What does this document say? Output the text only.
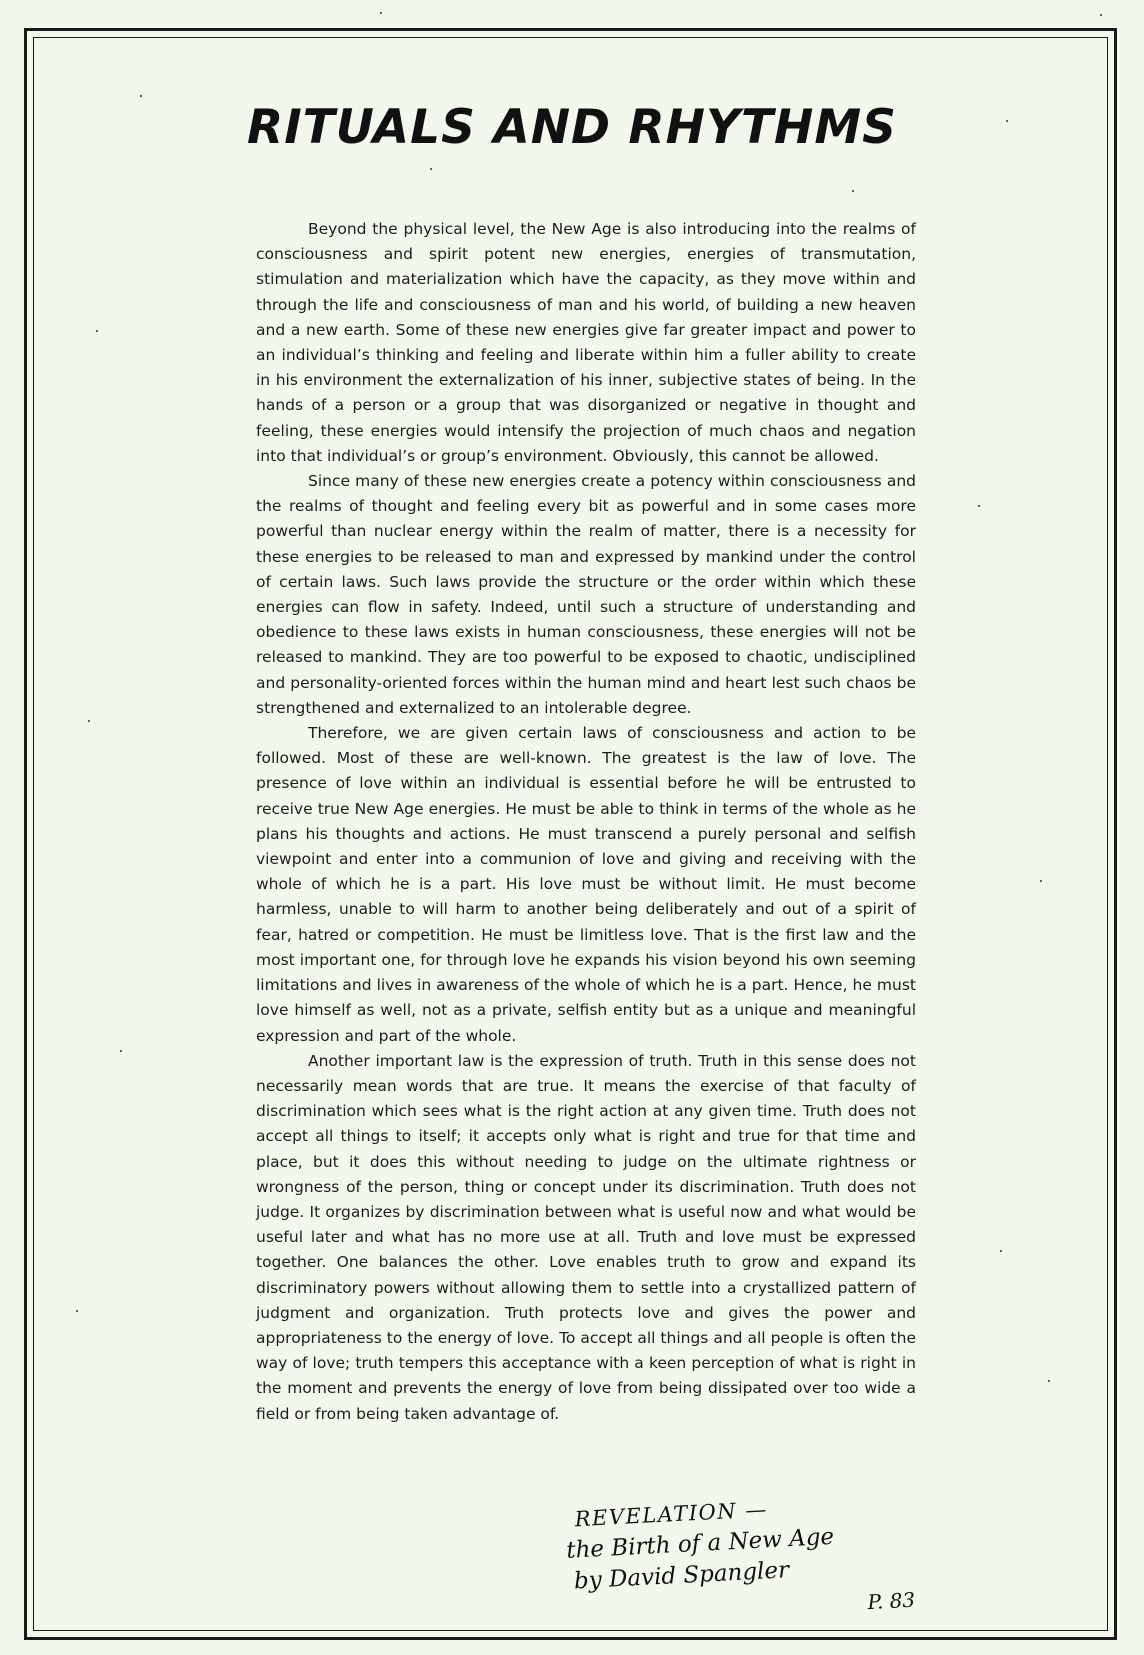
RITUALS AND RHYTHMS

Beyond the physical level, the New Age is also introducing into the realms of consciousness and spirit potent new energies, energies of transmutation, stimulation and materialization which have the capacity, as they move within and through the life and consciousness of man and his world, of building a new heaven and a new earth. Some of these new energies give far greater impact and power to an individual’s thinking and feeling and liberate within him a fuller ability to create in his environment the externalization of his inner, subjective states of being. In the hands of a person or a group that was disorganized or negative in thought and feeling, these energies would intensify the projection of much chaos and negation into that individual’s or group’s environment. Obviously, this cannot be allowed.

Since many of these new energies create a potency within consciousness and the realms of thought and feeling every bit as powerful and in some cases more powerful than nuclear energy within the realm of matter, there is a necessity for these energies to be released to man and expressed by mankind under the control of certain laws. Such laws provide the structure or the order within which these energies can flow in safety. Indeed, until such a structure of understanding and obedience to these laws exists in human consciousness, these energies will not be released to mankind. They are too powerful to be exposed to chaotic, undisciplined and personality-oriented forces within the human mind and heart lest such chaos be strengthened and externalized to an intolerable degree.

Therefore, we are given certain laws of consciousness and action to be followed. Most of these are well-known. The greatest is the law of love. The presence of love within an individual is essential before he will be entrusted to receive true New Age energies. He must be able to think in terms of the whole as he plans his thoughts and actions. He must transcend a purely personal and selfish viewpoint and enter into a communion of love and giving and receiving with the whole of which he is a part. His love must be without limit. He must become harmless, unable to will harm to another being deliberately and out of a spirit of fear, hatred or competition. He must be limitless love. That is the first law and the most important one, for through love he expands his vision beyond his own seeming limitations and lives in awareness of the whole of which he is a part. Hence, he must love himself as well, not as a private, selfish entity but as a unique and meaningful expression and part of the whole.

Another important law is the expression of truth. Truth in this sense does not necessarily mean words that are true. It means the exercise of that faculty of discrimination which sees what is the right action at any given time. Truth does not accept all things to itself; it accepts only what is right and true for that time and place, but it does this without needing to judge on the ultimate rightness or wrongness of the person, thing or concept under its discrimination. Truth does not judge. It organizes by discrimination between what is useful now and what would be useful later and what has no more use at all. Truth and love must be expressed together. One balances the other. Love enables truth to grow and expand its discriminatory powers without allowing them to settle into a crystallized pattern of judgment and organization. Truth protects love and gives the power and appropriateness to the energy of love. To accept all things and all people is often the way of love; truth tempers this acceptance with a keen perception of what is right in the moment and prevents the energy of love from being dissipated over too wide a field or from being taken advantage of.

REVELATION —
the Birth of a New Age
by David Spangler
P. 83
